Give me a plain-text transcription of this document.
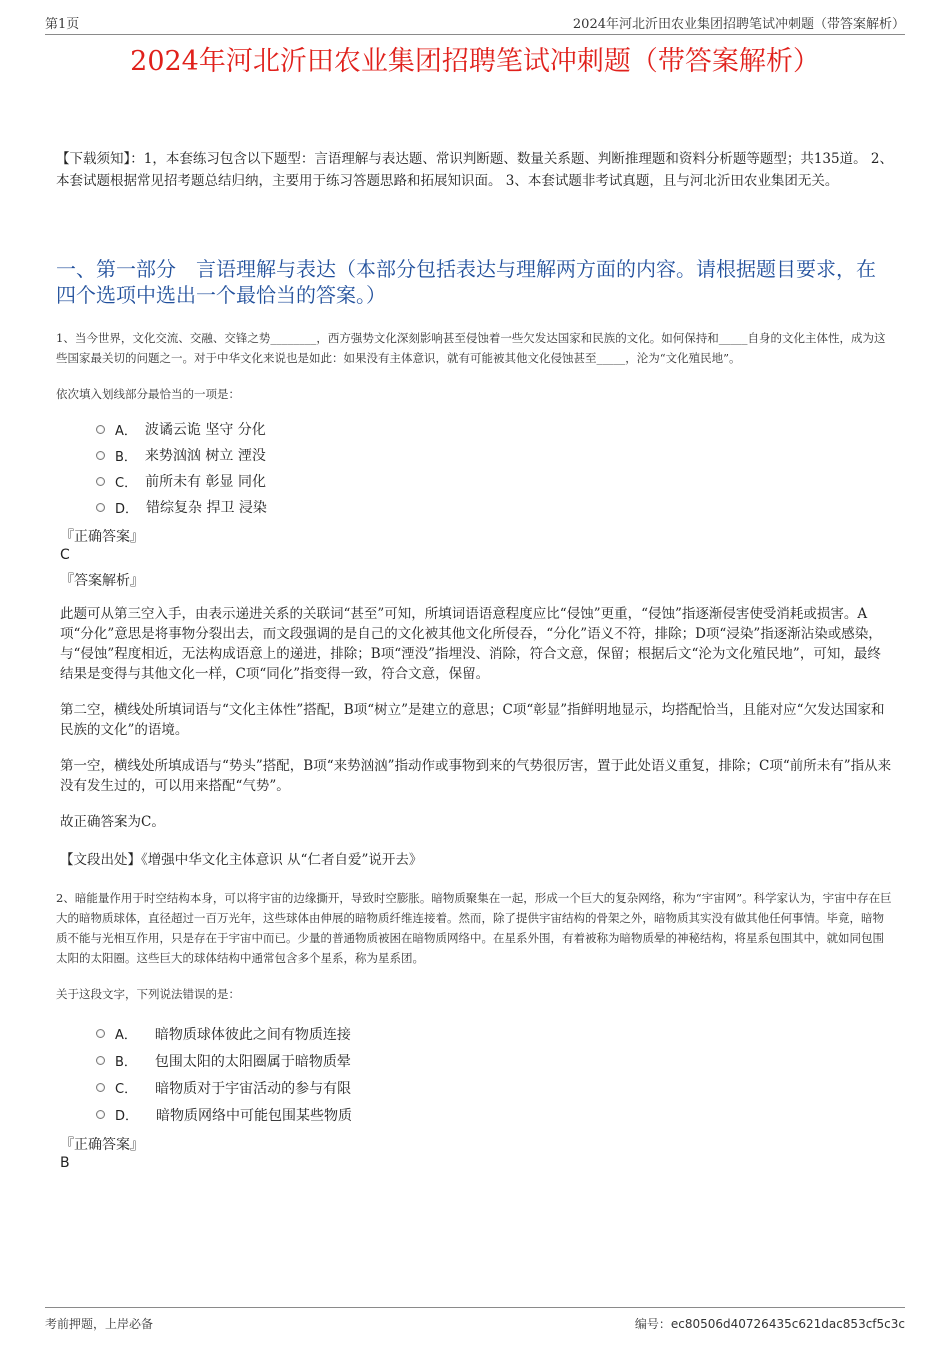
第1页	2024年河北沂田农业集团招聘笔试冲刺题（带答案解析）
2024年河北沂田农业集团招聘笔试冲刺题（带答案解析）

【下载须知】：1，本套练习包含以下题型：言语理解与表达题、常识判断题、数量关系题、判断推理题和资料分析题等题型；共135道。 2、本套试题根据常见招考题总结归纳，主要用于练习答题思路和拓展知识面。 3、本套试题非考试真题，且与河北沂田农业集团无关。

一、第一部分　言语理解与表达（本部分包括表达与理解两方面的内容。请根据题目要求，在四个选项中选出一个最恰当的答案。）

1、当今世界，文化交流、交融、交锋之势________，西方强势文化深刻影响甚至侵蚀着一些欠发达国家和民族的文化。如何保持和_____自身的文化主体性，成为这些国家最关切的问题之一。对于中华文化来说也是如此：如果没有主体意识，就有可能被其他文化侵蚀甚至_____，沦为“文化殖民地”。

依次填入划线部分最恰当的一项是：

A． 波谲云诡 坚守 分化
B． 来势汹汹 树立 湮没
C． 前所未有 彰显 同化
D． 错综复杂 捍卫 浸染

『正确答案』

C

『答案解析』

此题可从第三空入手，由表示递进关系的关联词“甚至”可知，所填词语语意程度应比“侵蚀”更重，“侵蚀”指逐渐侵害使受消耗或损害。A项“分化”意思是将事物分裂出去，而文段强调的是自己的文化被其他文化所侵吞，“分化”语义不符，排除；D项“浸染”指逐渐沾染或感染，与“侵蚀”程度相近，无法构成语意上的递进，排除；B项“湮没”指埋没、消除，符合文意，保留；根据后文“沦为文化殖民地”，可知，最终结果是变得与其他文化一样，C项“同化”指变得一致，符合文意，保留。

第二空，横线处所填词语与“文化主体性”搭配，B项“树立”是建立的意思；C项“彰显”指鲜明地显示，均搭配恰当，且能对应“欠发达国家和民族的文化”的语境。

第一空，横线处所填成语与“势头”搭配，B项“来势汹汹”指动作或事物到来的气势很厉害，置于此处语义重复，排除；C项“前所未有”指从来没有发生过的，可以用来搭配“气势”。

故正确答案为C。

【文段出处】《增强中华文化主体意识 从“仁者自爱”说开去》

2、暗能量作用于时空结构本身，可以将宇宙的边缘撕开，导致时空膨胀。暗物质聚集在一起，形成一个巨大的复杂网络，称为“宇宙网”。科学家认为，宇宙中存在巨大的暗物质球体，直径超过一百万光年，这些球体由伸展的暗物质纤维连接着。然而，除了提供宇宙结构的骨架之外，暗物质其实没有做其他任何事情。毕竟，暗物质不能与光相互作用，只是存在于宇宙中而已。少量的普通物质被困在暗物质网络中。在星系外围，有着被称为暗物质晕的神秘结构，将星系包围其中，就如同包围太阳的太阳圈。这些巨大的球体结构中通常包含多个星系，称为星系团。

关于这段文字，下列说法错误的是：

A． 暗物质球体彼此之间有物质连接
B． 包围太阳的太阳圈属于暗物质晕
C． 暗物质对于宇宙活动的参与有限
D． 暗物质网络中可能包围某些物质

『正确答案』

B

考前押题，上岸必备	编号：ec80506d40726435c621dac853cf5c3c
